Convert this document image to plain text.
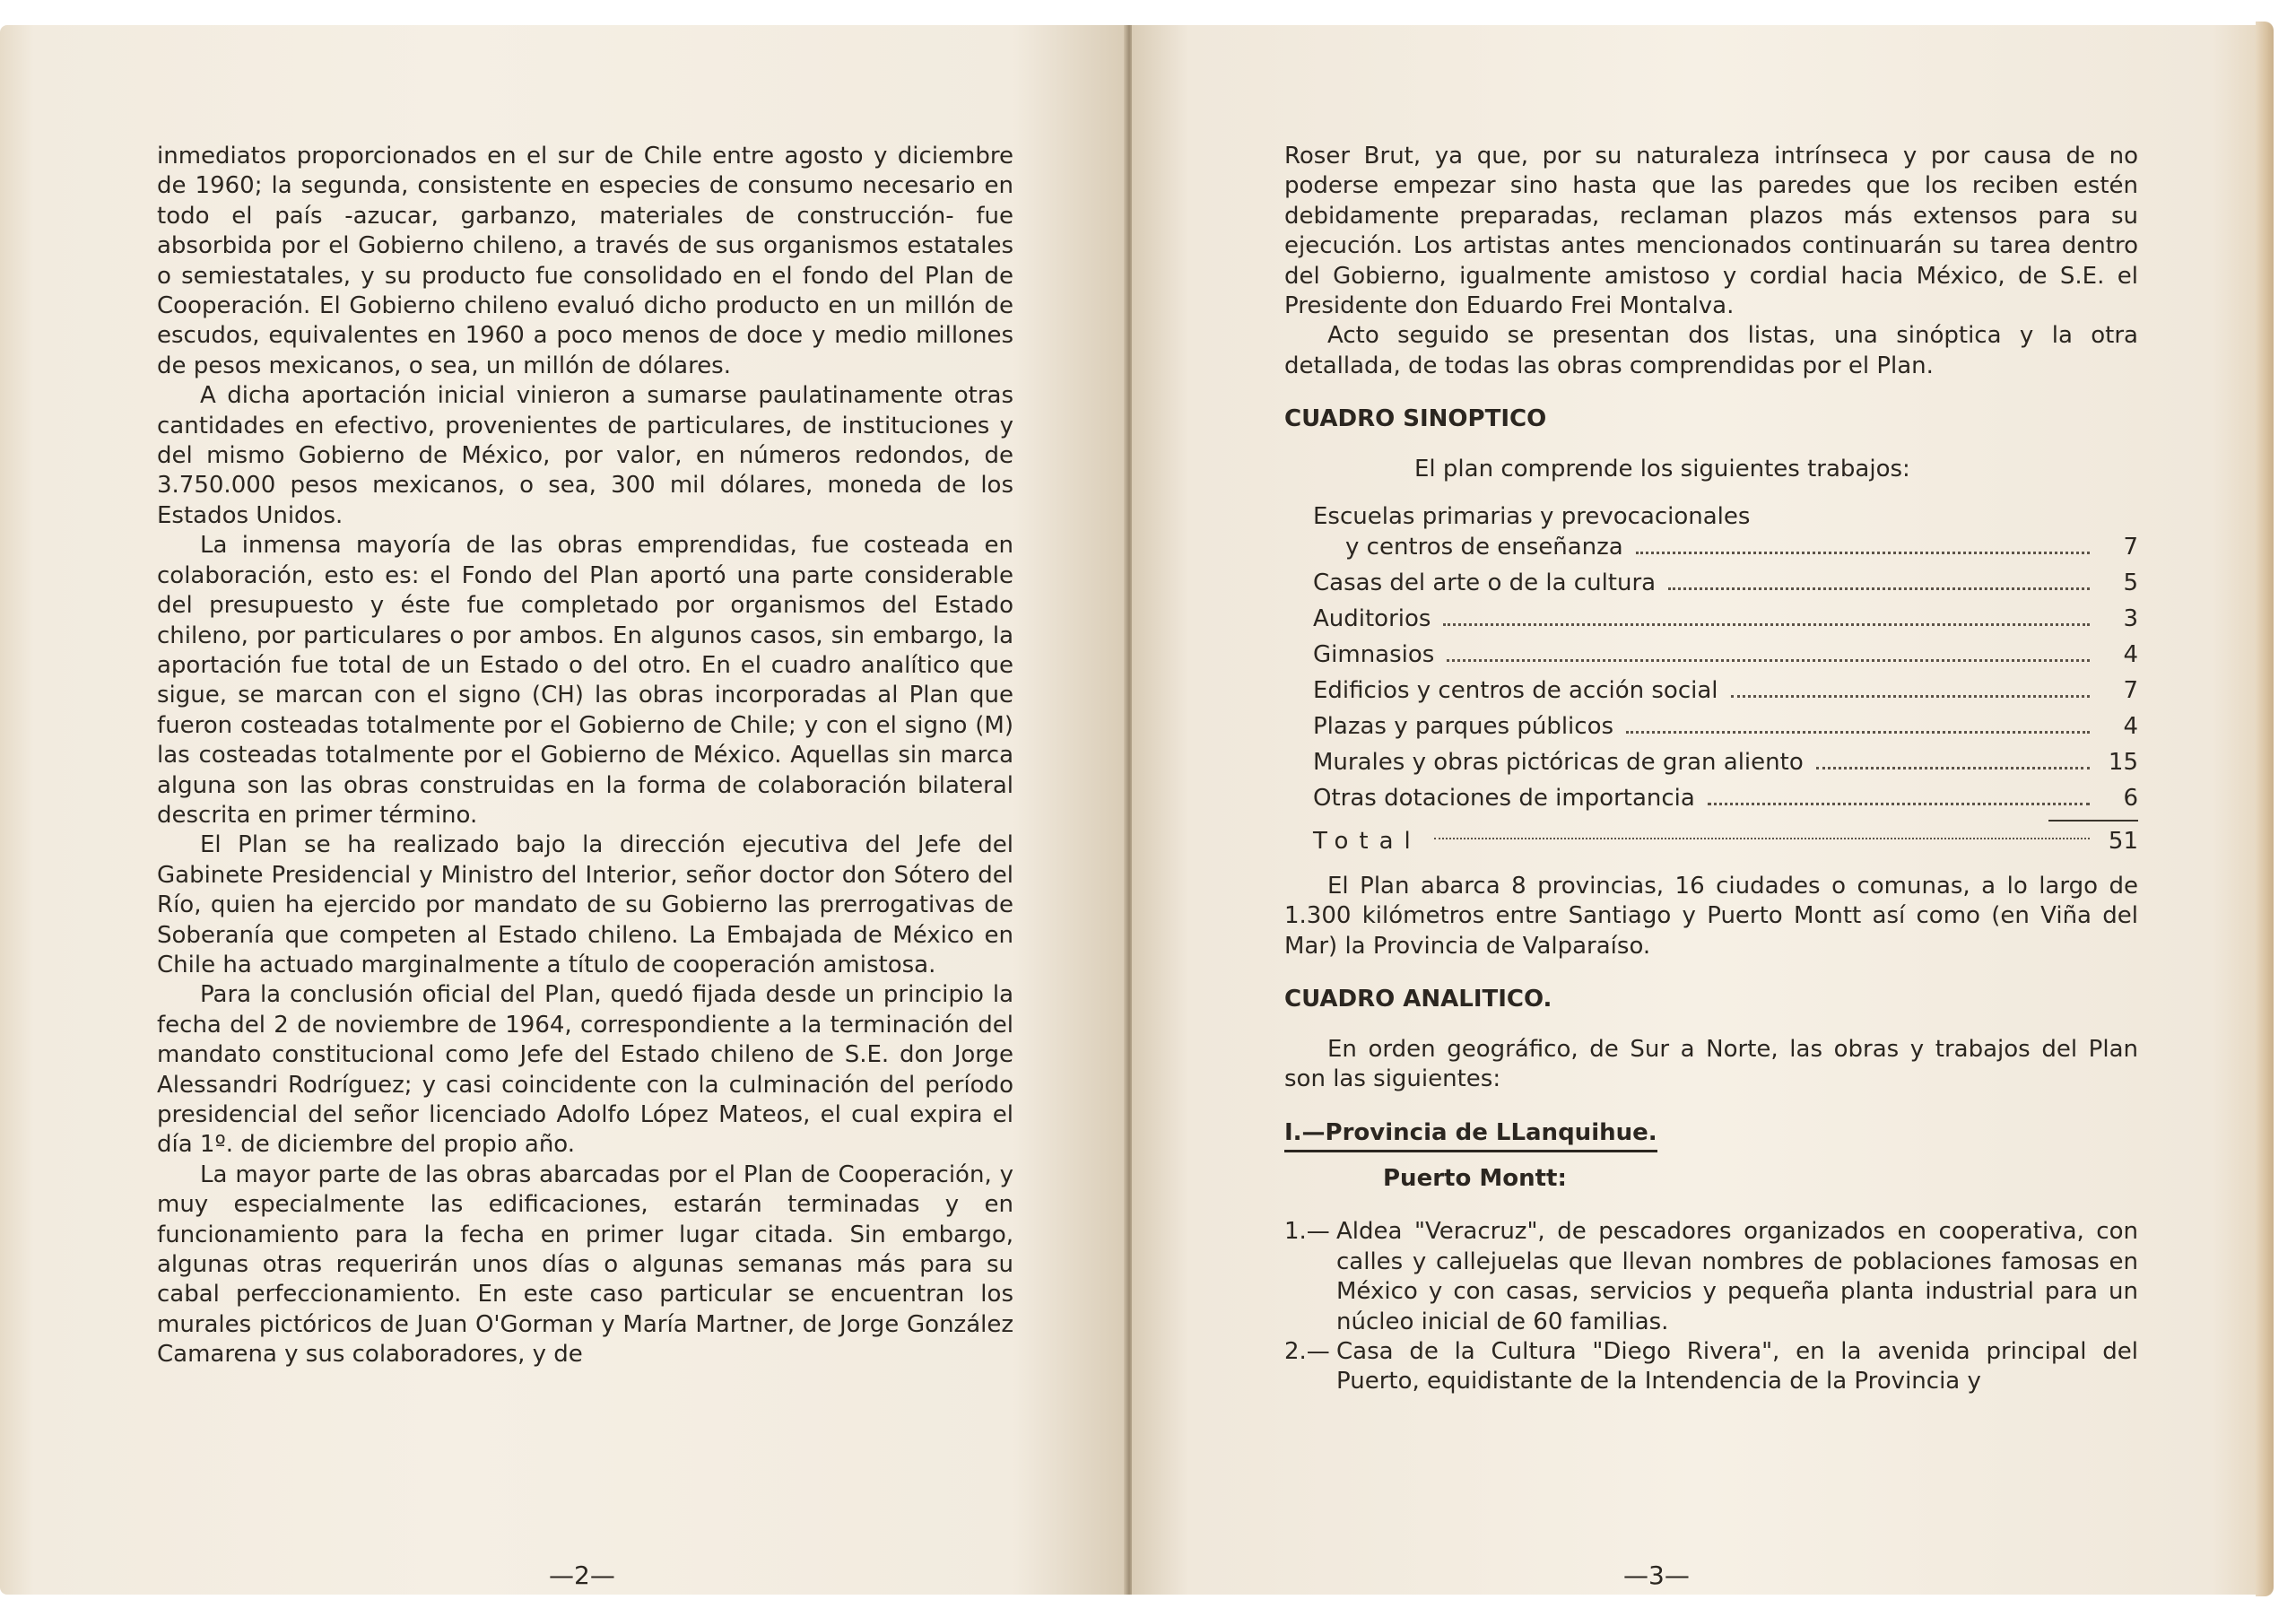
inmediatos proporcionados en el sur de Chile entre agosto y diciembre de 1960; la segunda, consistente en especies de consumo necesario en todo el país -azucar, garbanzo, materiales de construcción- fue absorbida por el Gobierno chileno, a través de sus organismos estatales o semiestatales, y su producto fue consolidado en el fondo del Plan de Cooperación. El Gobierno chileno evaluó dicho producto en un millón de escudos, equivalentes en 1960 a poco menos de doce y medio millones de pesos mexicanos, o sea, un millón de dólares.

A dicha aportación inicial vinieron a sumarse paulatinamente otras cantidades en efectivo, provenientes de particulares, de instituciones y del mismo Gobierno de México, por valor, en números redondos, de 3.750.000 pesos mexicanos, o sea, 300 mil dólares, moneda de los Estados Unidos.

La inmensa mayoría de las obras emprendidas, fue costeada en colaboración, esto es: el Fondo del Plan aportó una parte considerable del presupuesto y éste fue completado por organismos del Estado chileno, por particulares o por ambos. En algunos casos, sin embargo, la aportación fue total de un Estado o del otro. En el cuadro analítico que sigue, se marcan con el signo (CH) las obras incorporadas al Plan que fueron costeadas totalmente por el Gobierno de Chile; y con el signo (M) las costeadas totalmente por el Gobierno de México. Aquellas sin marca alguna son las obras construidas en la forma de colaboración bilateral descrita en primer término.

El Plan se ha realizado bajo la dirección ejecutiva del Jefe del Gabinete Presidencial y Ministro del Interior, señor doctor don Sótero del Río, quien ha ejercido por mandato de su Gobierno las prerrogativas de Soberanía que competen al Estado chileno. La Embajada de México en Chile ha actuado marginalmente a título de cooperación amistosa.

Para la conclusión oficial del Plan, quedó fijada desde un principio la fecha del 2 de noviembre de 1964, correspondiente a la terminación del mandato constitucional como Jefe del Estado chileno de S.E. don Jorge Alessandri Rodríguez; y casi coincidente con la culminación del período presidencial del señor licenciado Adolfo López Mateos, el cual expira el día 1º. de diciembre del propio año.

La mayor parte de las obras abarcadas por el Plan de Cooperación, y muy especialmente las edificaciones, estarán terminadas y en funcionamiento para la fecha en primer lugar citada. Sin embargo, algunas otras requerirán unos días o algunas semanas más para su cabal perfeccionamiento. En este caso particular se encuentran los murales pictóricos de Juan O'Gorman y María Martner, de Jorge González Camarena y sus colaboradores, y de

—2—

Roser Brut, ya que, por su naturaleza intrínseca y por causa de no poderse empezar sino hasta que las paredes que los reciben estén debidamente preparadas, reclaman plazos más extensos para su ejecución. Los artistas antes mencionados continuarán su tarea dentro del Gobierno, igualmente amistoso y cordial hacia México, de S.E. el Presidente don Eduardo Frei Montalva.

Acto seguido se presentan dos listas, una sinóptica y la otra detallada, de todas las obras comprendidas por el Plan.

CUADRO SINOPTICO
El plan comprende los siguientes trabajos:
Escuelas primarias y prevocacionales
y centros de enseñanza	7
Casas del arte o de la cultura	5
Auditorios	3
Gimnasios	4
Edificios y centros de acción social	7
Plazas y parques públicos	4
Murales y obras pictóricas de gran aliento	15
Otras dotaciones de importancia	6
Total	51

El Plan abarca 8 provincias, 16 ciudades o comunas, a lo largo de 1.300 kilómetros entre Santiago y Puerto Montt así como (en Viña del Mar) la Provincia de Valparaíso.

CUADRO ANALITICO.

En orden geográfico, de Sur a Norte, las obras y trabajos del Plan son las siguientes:

I.—Provincia de LLanquihue.
Puerto Montt:
1.— Aldea "Veracruz", de pescadores organizados en cooperativa, con calles y callejuelas que llevan nombres de poblaciones famosas en México y con casas, servicios y pequeña planta industrial para un núcleo inicial de 60 familias.
2.— Casa de la Cultura "Diego Rivera", en la avenida principal del Puerto, equidistante de la Intendencia de la Provincia y
—3—
